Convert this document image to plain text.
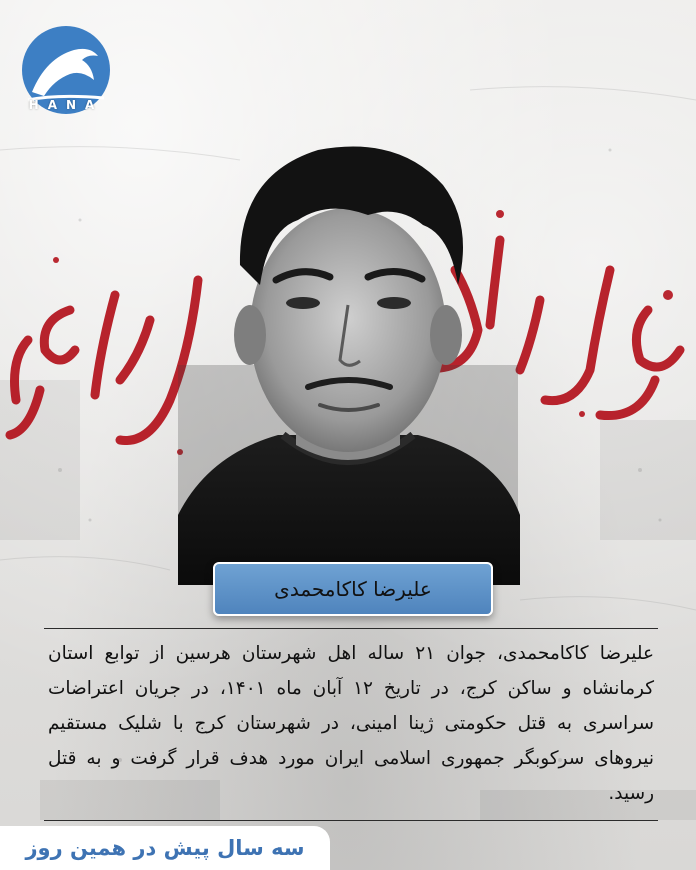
HANA
علیرضا کاکامحمدی
علیرضا کاکامحمدی، جوان ۲۱ ساله اهل شهرستان هرسین از توابع استان کرمانشاه و ساکن کرج، در تاریخ ۱۲ آبان ماه ۱۴۰۱، در جریان اعتراضات سراسری به قتل حکومتی ژینا امینی، در شهرستان کرج با شلیک مستقیم نیروهای سرکوبگر جمهوری اسلامی ایران مورد هدف قرار گرفت و به قتل رسید.
سه سال پیش در همین روز
